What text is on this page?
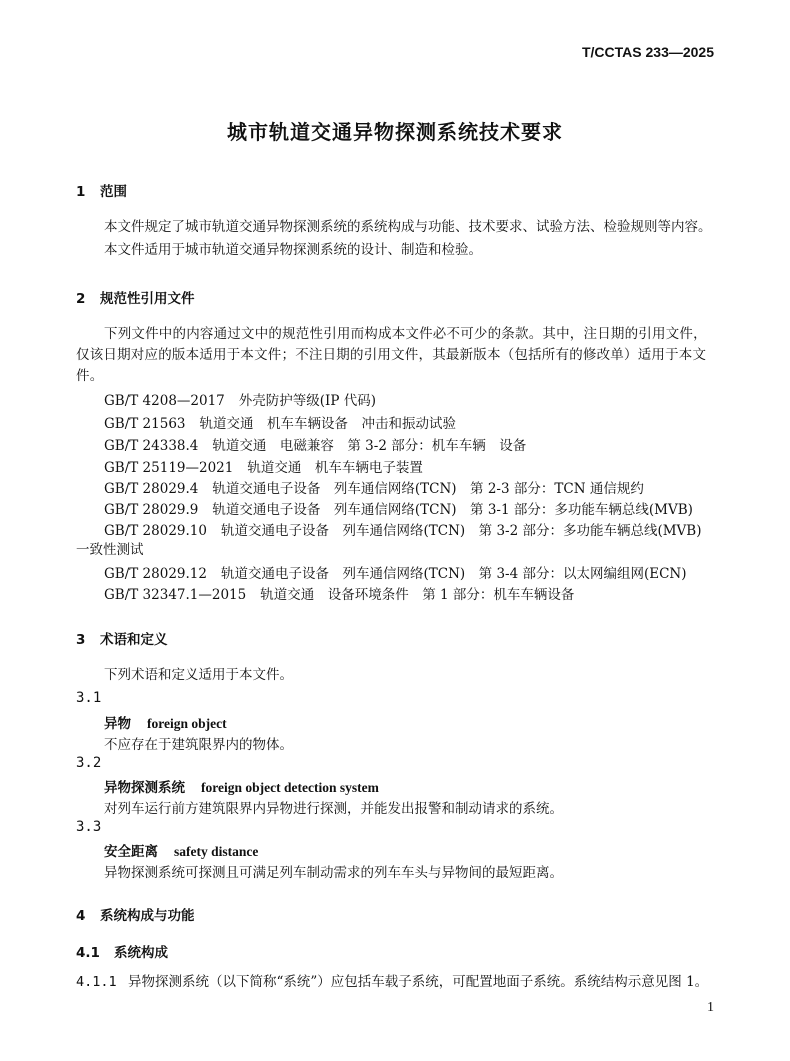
T/CCTAS 233—2025
城市轨道交通异物探测系统技术要求
1 范围
本文件规定了城市轨道交通异物探测系统的系统构成与功能、技术要求、试验方法、检验规则等内容。
本文件适用于城市轨道交通异物探测系统的设计、制造和检验。
2 规范性引用文件
下列文件中的内容通过文中的规范性引用而构成本文件必不可少的条款。其中，注日期的引用文件，仅该日期对应的版本适用于本文件；不注日期的引用文件，其最新版本（包括所有的修改单）适用于本文件。
GB/T 4208—2017 外壳防护等级(IP 代码)
GB/T 21563 轨道交通　机车车辆设备　冲击和振动试验
GB/T 24338.4 轨道交通　电磁兼容　第 3-2 部分：机车车辆　设备
GB/T 25119—2021 轨道交通　机车车辆电子装置
GB/T 28029.4 轨道交通电子设备　列车通信网络(TCN)　第 2-3 部分：TCN 通信规约
GB/T 28029.9 轨道交通电子设备　列车通信网络(TCN)　第 3-1 部分：多功能车辆总线(MVB)
GB/T 28029.10 轨道交通电子设备　列车通信网络(TCN)　第 3-2 部分：多功能车辆总线(MVB)
一致性测试
GB/T 28029.12 轨道交通电子设备　列车通信网络(TCN)　第 3-4 部分：以太网编组网(ECN)
GB/T 32347.1—2015 轨道交通　设备环境条件　第 1 部分：机车车辆设备
3 术语和定义
下列术语和定义适用于本文件。
3.1
异物 foreign object
不应存在于建筑限界内的物体。
3.2
异物探测系统 foreign object detection system
对列车运行前方建筑限界内异物进行探测，并能发出报警和制动请求的系统。
3.3
安全距离 safety distance
异物探测系统可探测且可满足列车制动需求的列车车头与异物间的最短距离。
4 系统构成与功能
4.1 系统构成
4.1.1 异物探测系统（以下简称“系统”）应包括车载子系统，可配置地面子系统。系统结构示意见图 1。
1
